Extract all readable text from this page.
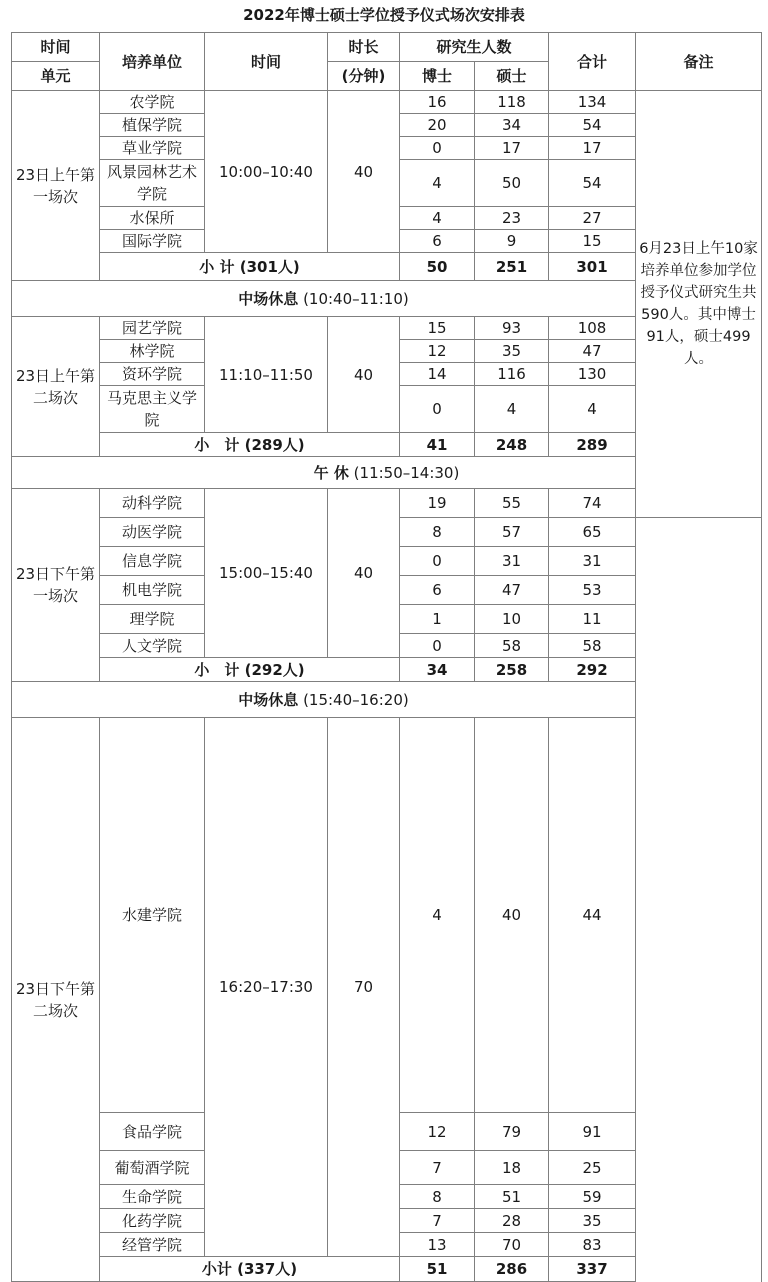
2022年博士硕士学位授予仪式场次安排表
时间	培养单位	时间	时长	研究生人数		合计	备注	
单元			(分钟)	博士	硕士			
23日上午第一场次	农学院	10:00–10:40	40	16	118	134	6月23日上午10家培养单位参加学位授予仪式研究生共590人。其中博士91人，硕士499人。	
	植保学院			20	34	54		
	草业学院			0	17	17		
	风景园林艺术学院			4	50	54		
	水保所			4	23	27		
	国际学院			6	9	15		
	小 计 (301人)			50	251	301		
中场休息 (10:40–11:10)								
23日上午第二场次	园艺学院	11:10–11:50	40	15	93	108		
	林学院			12	35	47		
	资环学院			14	116	130		
	马克思主义学院			0	4	4		
	小　计 (289人)			41	248	289		
午 休 (11:50–14:30)								
23日下午第一场次	动科学院	15:00–15:40	40	19	55	74	
	动医学院			8	57	65		
	信息学院			0	31	31		
	机电学院			6	47	53		
	理学院			1	10	11		
	人文学院			0	58	58		
	小　计 (292人)			34	258	292		
中场休息 (15:40–16:20)								
23日下午第二场次	水建学院	16:20–17:30	70	4	40	44		
	食品学院			12	79	91		
	葡萄酒学院			7	18	25		
	生命学院			8	51	59		
	化药学院			7	28	35		
	经管学院			13	70	83		
	小计 (337人)			51	286	337		
